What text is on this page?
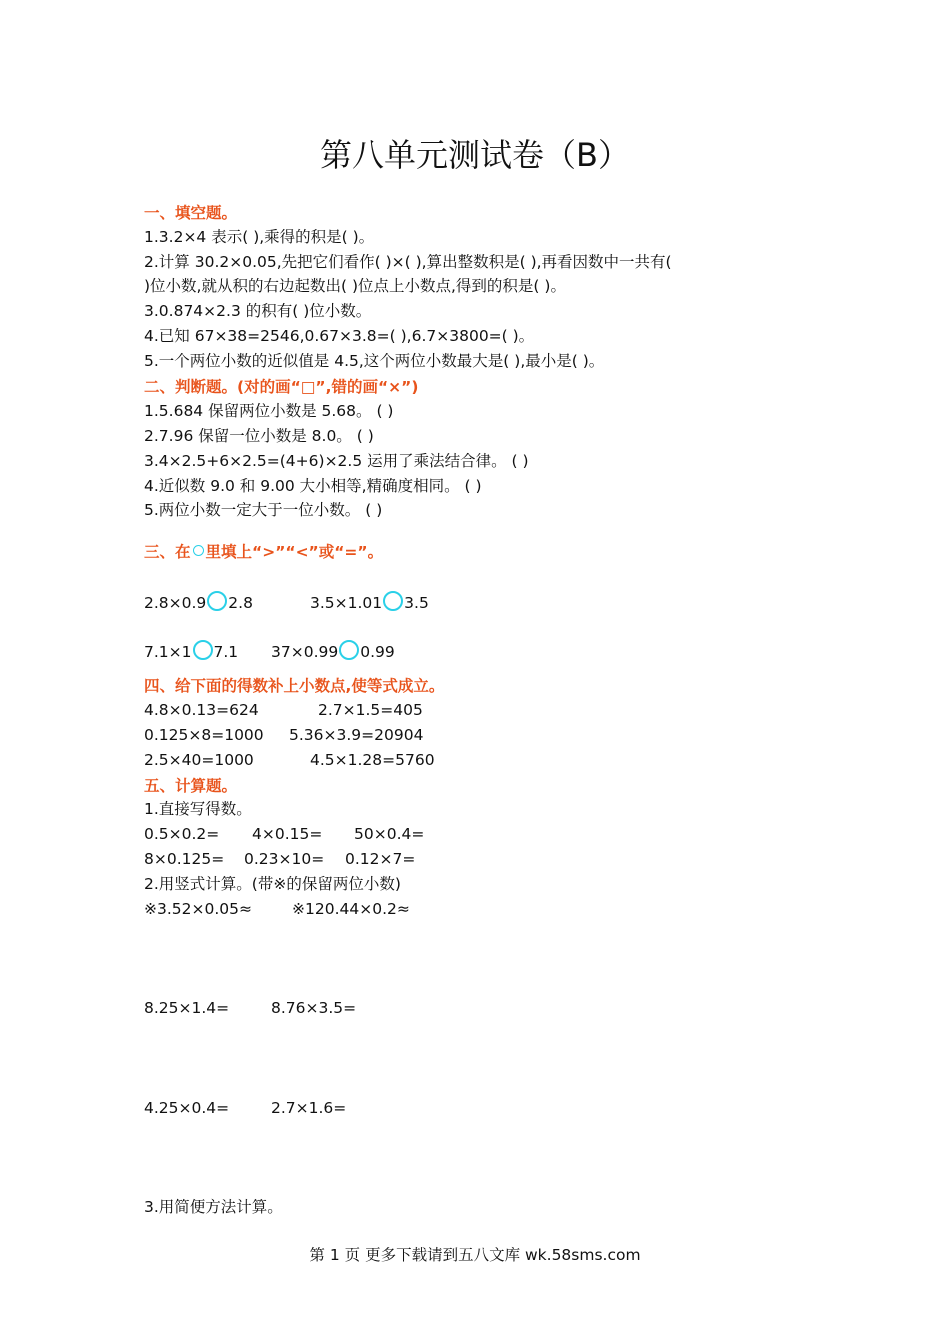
第八单元测试卷（B）
一、填空题。
1.3.2×4 表示( ),乘得的积是( )。
2.计算 30.2×0.05,先把它们看作( )×( ),算出整数积是( ),再看因数中一共有(
)位小数,就从积的右边起数出( )位点上小数点,得到的积是( )。
3.0.874×2.3 的积有( )位小数。
4.已知 67×38=2546,0.67×3.8=( ),6.7×3800=( )。
5.一个两位小数的近似值是 4.5,这个两位小数最大是( ),最小是( )。
二、判断题。(对的画“□”,错的画“×”)
1.5.684 保留两位小数是 5.68。 ( )
2.7.96 保留一位小数是 8.0。 ( )
3.4×2.5+6×2.5=(4+6)×2.5 运用了乘法结合律。 ( )
4.近似数 9.0 和 9.00 大小相等,精确度相同。 ( )
5.两位小数一定大于一位小数。 ( )
三、在 里填上“>”“<”或“=”。
2.8×0.9 2.8	3.5×1.01 3.5
7.1×1 7.1 37×0.99 0.99
四、给下面的得数补上小数点,使等式成立。
4.8×0.13=624	2.7×1.5=405
0.125×8=1000 5.36×3.9=20904
2.5×40=1000	4.5×1.28=5760
五、计算题。
1.直接写得数。
0.5×0.2= 4×0.15= 50×0.4=
8×0.125= 0.23×10= 0.12×7=
2.用竖式计算。(带※的保留两位小数)
※3.52×0.05≈	※120.44×0.2≈
8.25×1.4=	8.76×3.5=
4.25×0.4=	2.7×1.6=
3.用简便方法计算。
第 1 页 更多下载请到五八文库 wk.58sms.com
